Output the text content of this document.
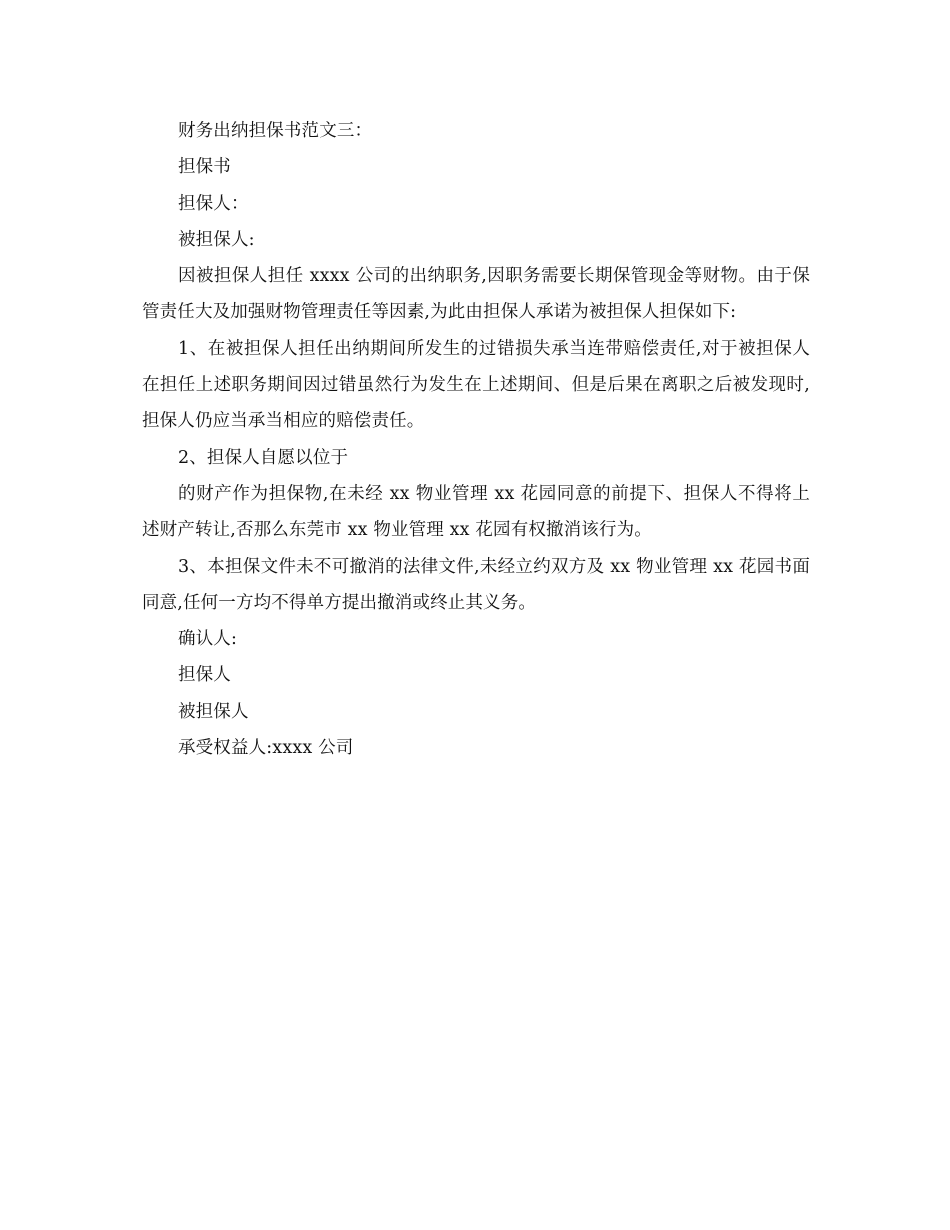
财务出纳担保书范文三：

担保书

担保人：

被担保人:

因被担保人担任 xxxx 公司的出纳职务,因职务需要长期保管现金等财物。由于保管责任大及加强财物管理责任等因素,为此由担保人承诺为被担保人担保如下:

1、在被担保人担任出纳期间所发生的过错损失承当连带赔偿责任,对于被担保人在担任上述职务期间因过错虽然行为发生在上述期间、但是后果在离职之后被发现时,担保人仍应当承当相应的赔偿责任。

2、担保人自愿以位于

的财产作为担保物,在未经 xx 物业管理 xx 花园同意的前提下、担保人不得将上述财产转让,否那么东莞市 xx 物业管理 xx 花园有权撤消该行为。

3、本担保文件未不可撤消的法律文件,未经立约双方及 xx 物业管理 xx 花园书面同意,任何一方均不得单方提出撤消或终止其义务。

确认人:

担保人

被担保人

承受权益人:xxxx 公司
